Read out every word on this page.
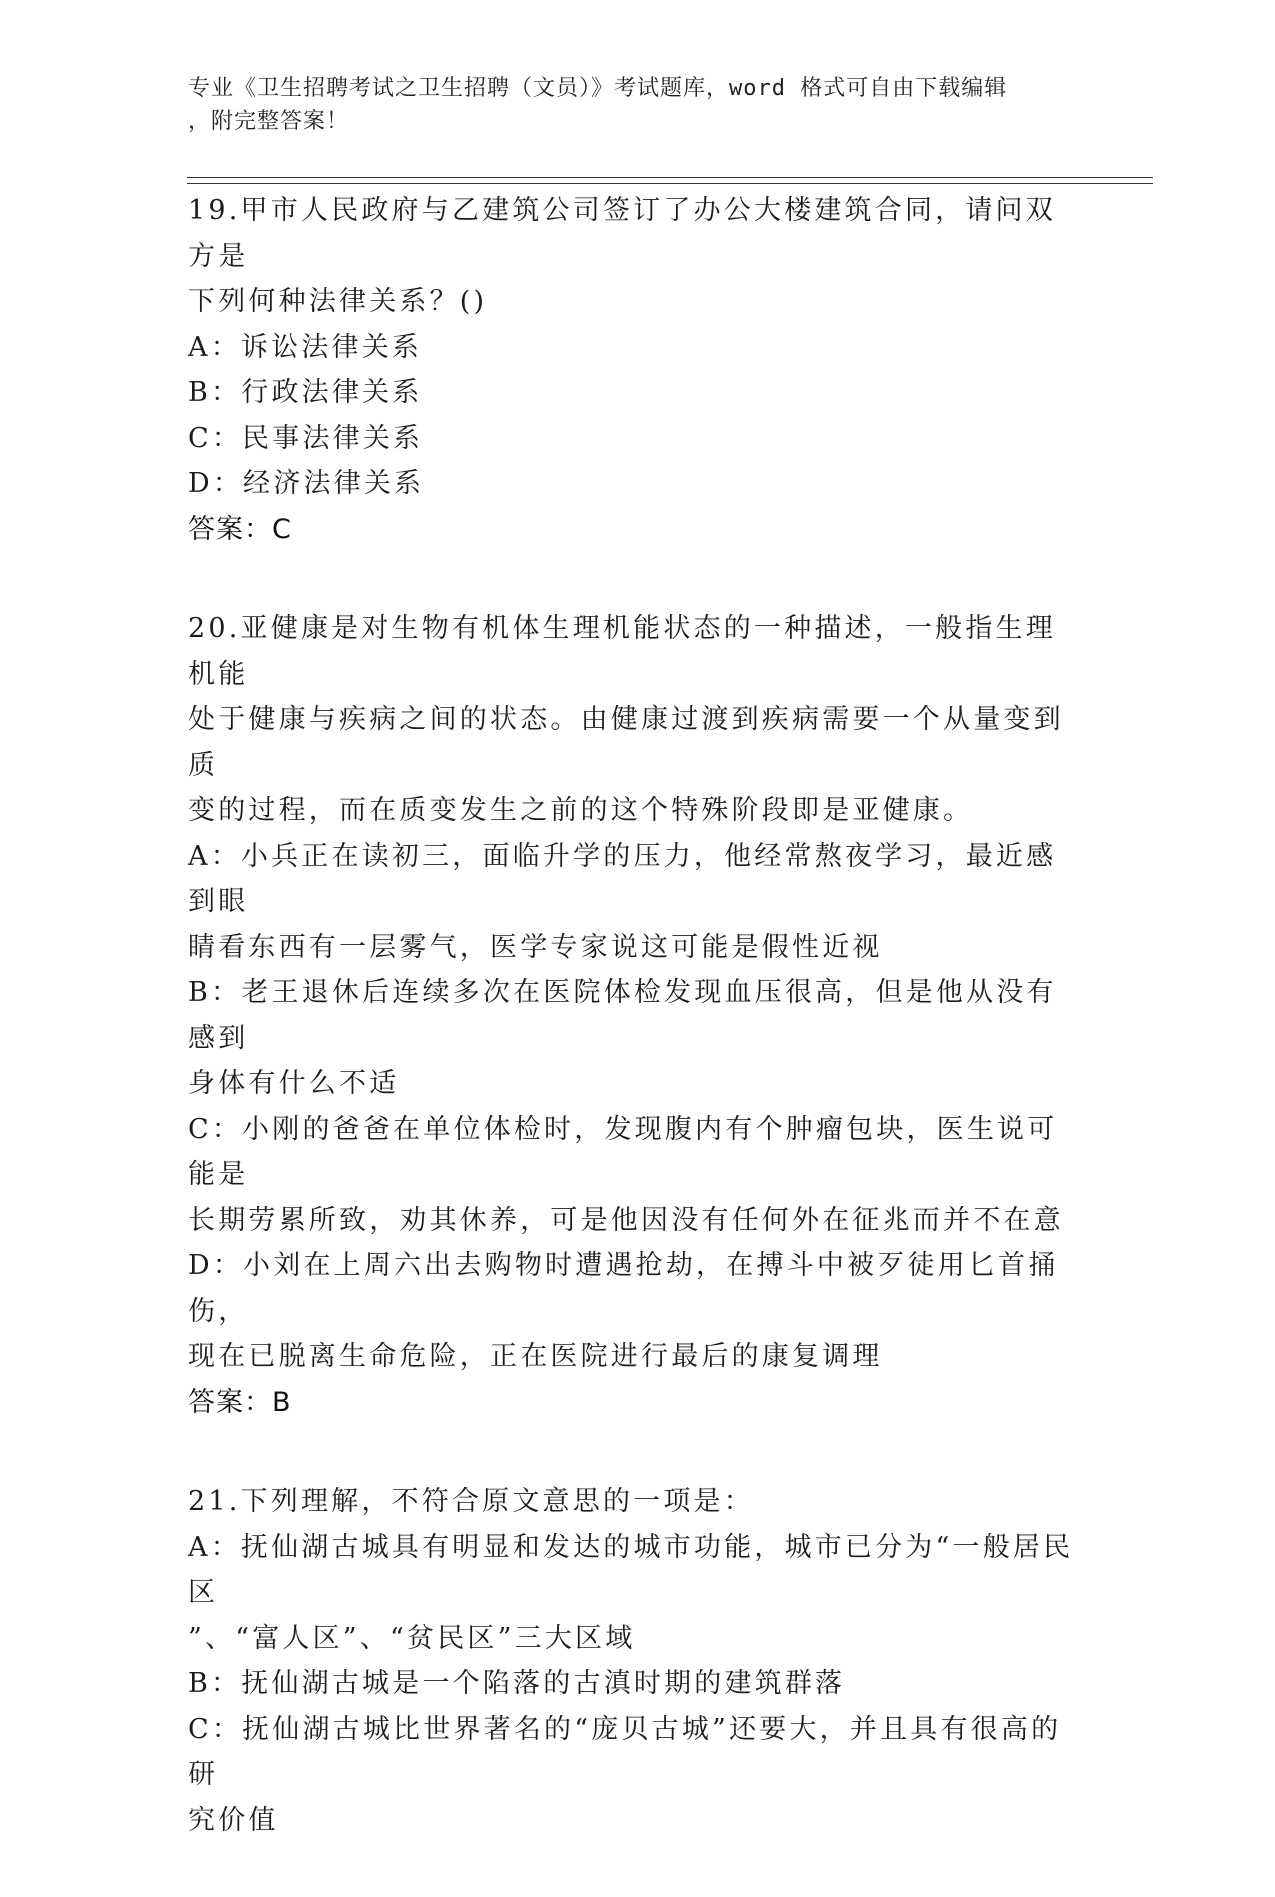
专业《卫生招聘考试之卫生招聘（文员）》考试题库，word 格式可自由下载编辑
，附完整答案！
19.甲市人民政府与乙建筑公司签订了办公大楼建筑合同，请问双方是
下列何种法律关系？()
A：诉讼法律关系
B：行政法律关系
C：民事法律关系
D：经济法律关系
答案：C
20.亚健康是对生物有机体生理机能状态的一种描述，一般指生理机能
处于健康与疾病之间的状态。由健康过渡到疾病需要一个从量变到质
变的过程，而在质变发生之前的这个特殊阶段即是亚健康。
A：小兵正在读初三，面临升学的压力，他经常熬夜学习，最近感到眼
睛看东西有一层雾气，医学专家说这可能是假性近视
B：老王退休后连续多次在医院体检发现血压很高，但是他从没有感到
身体有什么不适
C：小刚的爸爸在单位体检时，发现腹内有个肿瘤包块，医生说可能是
长期劳累所致，劝其休养，可是他因没有任何外在征兆而并不在意
D：小刘在上周六出去购物时遭遇抢劫，在搏斗中被歹徒用匕首捅伤，
现在已脱离生命危险，正在医院进行最后的康复调理
答案：B
21.下列理解，不符合原文意思的一项是：
A：抚仙湖古城具有明显和发达的城市功能，城市已分为“一般居民区
”、“富人区”、“贫民区”三大区域
B：抚仙湖古城是一个陷落的古滇时期的建筑群落
C：抚仙湖古城比世界著名的“庞贝古城”还要大，并且具有很高的研
究价值
